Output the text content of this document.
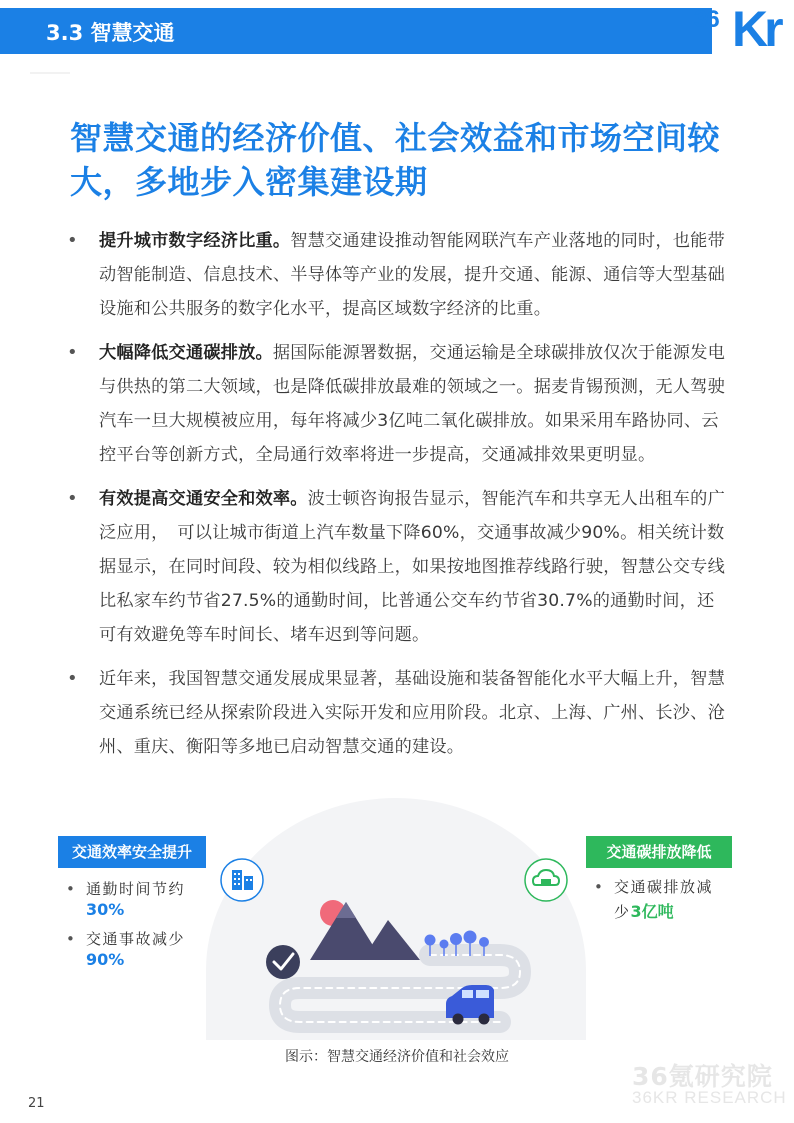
3.3 智慧交通	36 Kr
智慧交通的经济价值、社会效益和市场空间较
大，多地步入密集建设期
• 提升城市数字经济比重。智慧交通建设推动智能网联汽车产业落地的同时，也能带动智能制造、信息技术、半导体等产业的发展，提升交通、能源、通信等大型基础设施和公共服务的数字化水平，提高区域数字经济的比重。

• 大幅降低交通碳排放。据国际能源署数据，交通运输是全球碳排放仅次于能源发电与供热的第二大领域，也是降低碳排放最难的领域之一。据麦肯锡预测，无人驾驶汽车一旦大规模被应用，每年将减少3亿吨二氧化碳排放。如果采用车路协同、云控平台等创新方式，全局通行效率将进一步提高，交通减排效果更明显。

• 有效提高交通安全和效率。波士顿咨询报告显示，智能汽车和共享无人出租车的广泛应用，　可以让城市街道上汽车数量下降60%，交通事故减少90%。相关统计数据显示，在同时间段、较为相似线路上，如果按地图推荐线路行驶，智慧公交专线比私家车约节省27.5%的通勤时间，比普通公交车约节省30.7%的通勤时间，还可有效避免等车时间长、堵车迟到等问题。

• 近年来，我国智慧交通发展成果显著，基础设施和装备智能化水平大幅上升，智慧交通系统已经从探索阶段进入实际开发和应用阶段。北京、上海、广州、长沙、沧州、重庆、衡阳等多地已启动智慧交通的建设。

交通效率安全提升
• 通勤时间节约
30%
• 交通事故减少
90%
交通碳排放降低
• 交通碳排放减
少3亿吨
图示：智慧交通经济价值和社会效应
36氪研究院
36KR RESEARCH
21
